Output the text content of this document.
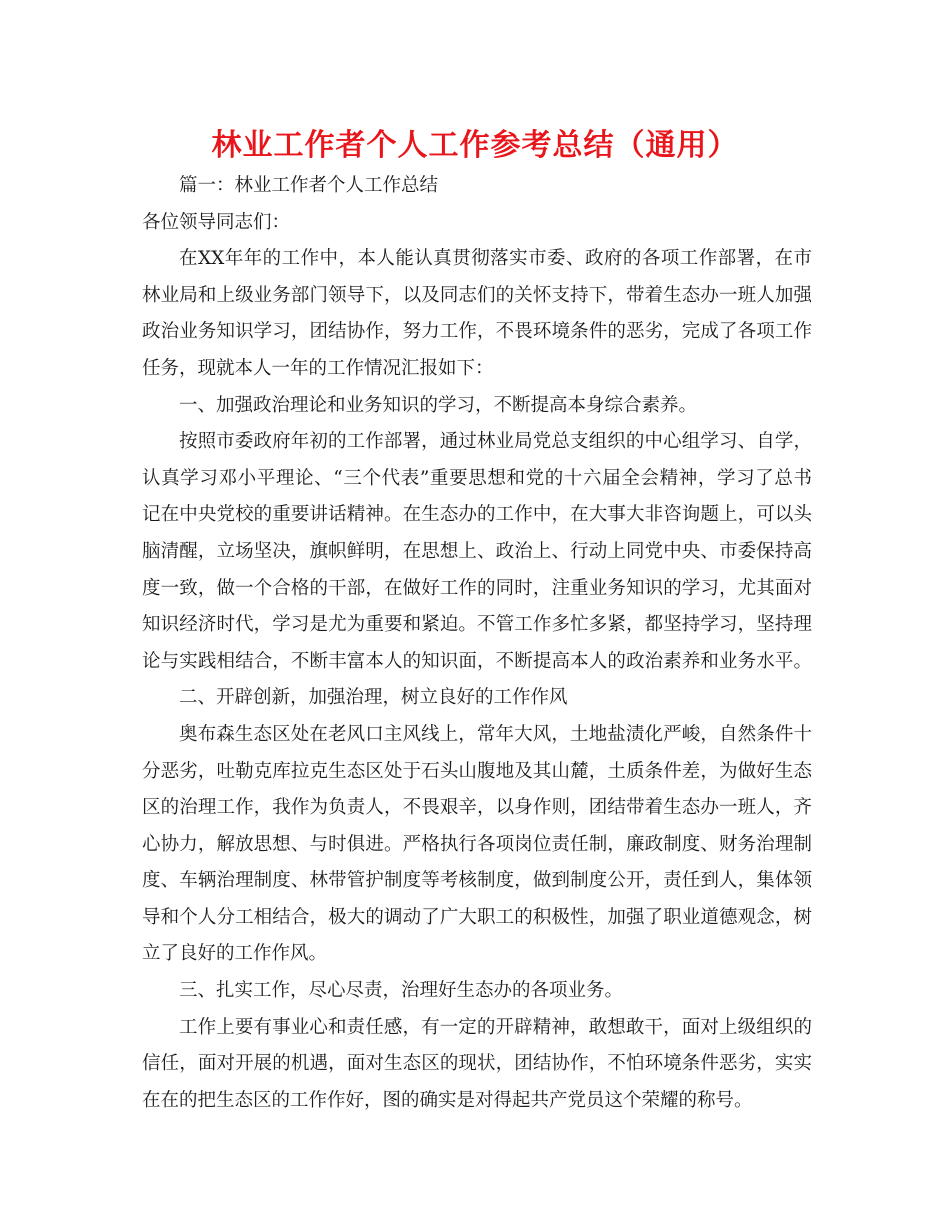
林业工作者个人工作参考总结（通用）
篇一：林业工作者个人工作总结
各位领导同志们：
在XX年年的工作中，本人能认真贯彻落实市委、政府的各项工作部署，在市
林业局和上级业务部门领导下，以及同志们的关怀支持下，带着生态办一班人加强
政治业务知识学习，团结协作，努力工作，不畏环境条件的恶劣，完成了各项工作
任务，现就本人一年的工作情况汇报如下：
一、加强政治理论和业务知识的学习，不断提高本身综合素养。
按照市委政府年初的工作部署，通过林业局党总支组织的中心组学习、自学，
认真学习邓小平理论、“三个代表”重要思想和党的十六届全会精神，学习了总书
记在中央党校的重要讲话精神。在生态办的工作中，在大事大非咨询题上，可以头
脑清醒，立场坚决，旗帜鲜明，在思想上、政治上、行动上同党中央、市委保持高
度一致，做一个合格的干部，在做好工作的同时，注重业务知识的学习，尤其面对
知识经济时代，学习是尤为重要和紧迫。不管工作多忙多紧，都坚持学习，坚持理
论与实践相结合，不断丰富本人的知识面，不断提高本人的政治素养和业务水平。
二、开辟创新，加强治理，树立良好的工作作风
奥布森生态区处在老风口主风线上，常年大风，土地盐渍化严峻，自然条件十
分恶劣，吐勒克库拉克生态区处于石头山腹地及其山麓，土质条件差，为做好生态
区的治理工作，我作为负责人，不畏艰辛，以身作则，团结带着生态办一班人，齐
心协力，解放思想、与时俱进。严格执行各项岗位责任制，廉政制度、财务治理制
度、车辆治理制度、林带管护制度等考核制度，做到制度公开，责任到人，集体领
导和个人分工相结合，极大的调动了广大职工的积极性，加强了职业道德观念，树
立了良好的工作作风。
三、扎实工作，尽心尽责，治理好生态办的各项业务。
工作上要有事业心和责任感，有一定的开辟精神，敢想敢干，面对上级组织的
信任，面对开展的机遇，面对生态区的现状，团结协作，不怕环境条件恶劣，实实
在在的把生态区的工作作好，图的确实是对得起共产党员这个荣耀的称号。
